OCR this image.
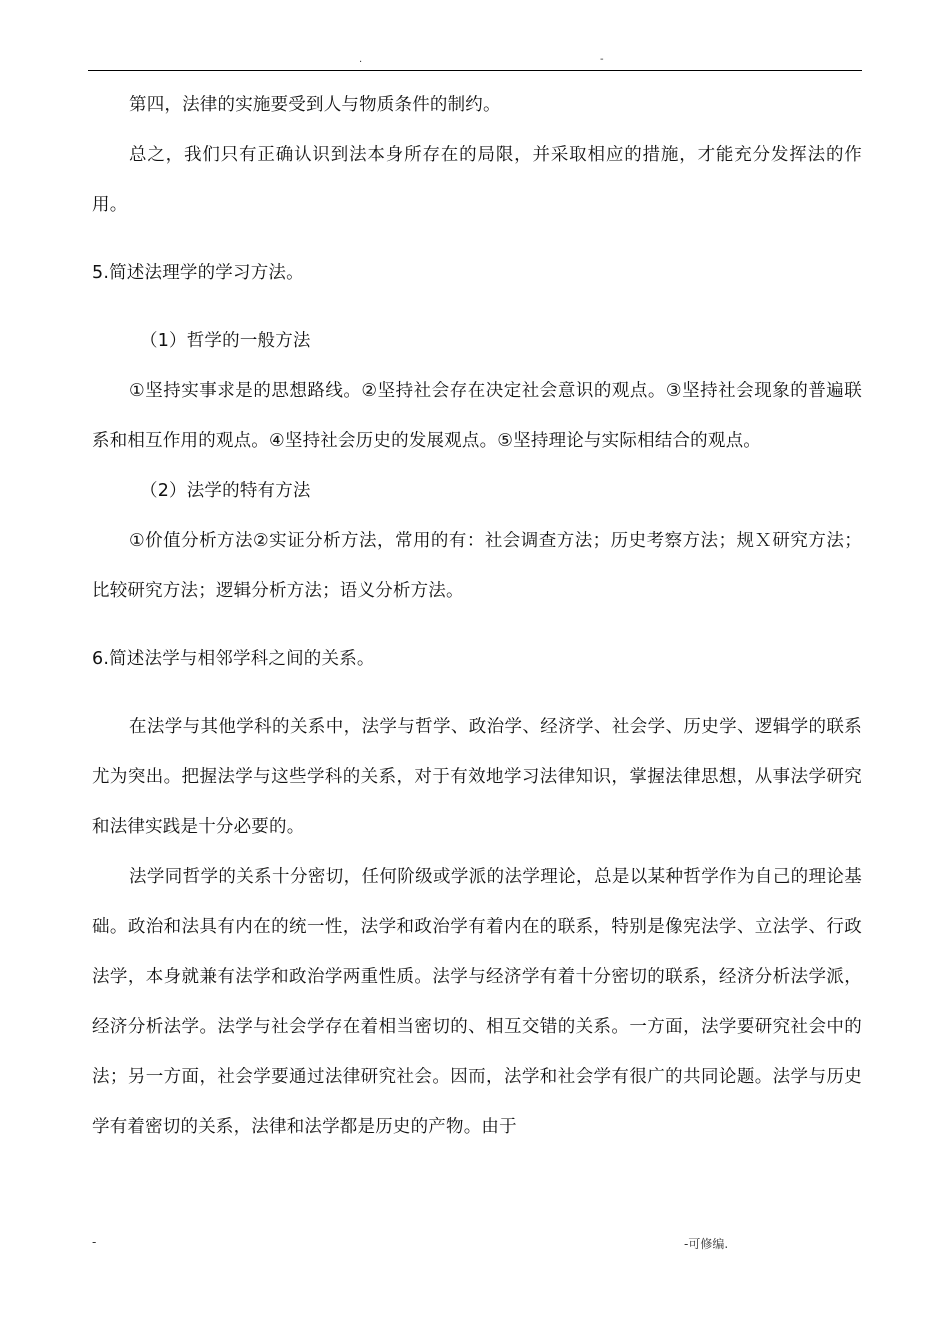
.	-

第四，法律的实施要受到人与物质条件的制约。

总之，我们只有正确认识到法本身所存在的局限，并采取相应的措施，才能充分发挥法的作用。

5.简述法理学的学习方法。

（1）哲学的一般方法

①坚持实事求是的思想路线。②坚持社会存在决定社会意识的观点。③坚持社会现象的普遍联系和相互作用的观点。④坚持社会历史的发展观点。⑤坚持理论与实际相结合的观点。

（2）法学的特有方法

①价值分析方法②实证分析方法，常用的有：社会调查方法；历史考察方法；规Ｘ研究方法；比较研究方法；逻辑分析方法；语义分析方法。

6.简述法学与相邻学科之间的关系。

在法学与其他学科的关系中，法学与哲学、政治学、经济学、社会学、历史学、逻辑学的联系尤为突出。把握法学与这些学科的关系，对于有效地学习法律知识，掌握法律思想，从事法学研究和法律实践是十分必要的。

法学同哲学的关系十分密切，任何阶级或学派的法学理论，总是以某种哲学作为自己的理论基础。政治和法具有内在的统一性，法学和政治学有着内在的联系，特别是像宪法学、立法学、行政法学，本身就兼有法学和政治学两重性质。法学与经济学有着十分密切的联系，经济分析法学派，经济分析法学。法学与社会学存在着相当密切的、相互交错的关系。一方面，法学要研究社会中的法；另一方面，社会学要通过法律研究社会。因而，法学和社会学有很广的共同论题。法学与历史学有着密切的关系，法律和法学都是历史的产物。由于

-	-可修编.
